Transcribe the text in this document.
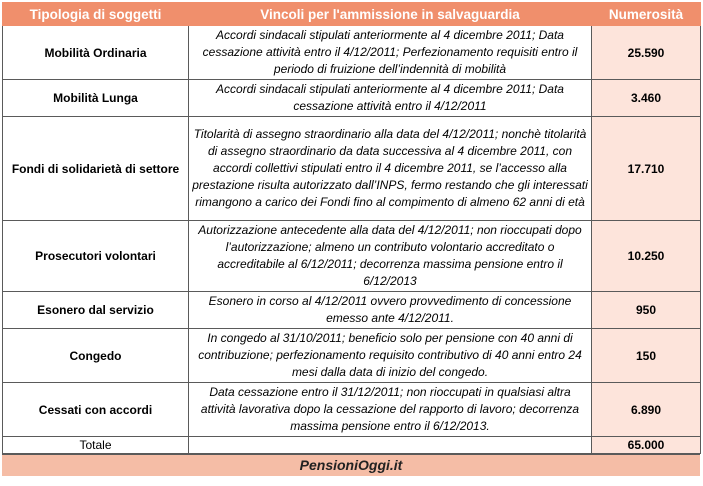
Tipologia di soggetti	Vincoli per l'ammissione in salvaguardia	Numerosità
Mobilità Ordinaria	Accordi sindacali stipulati anteriormente al 4 dicembre 2011; Data cessazione attività entro il 4/12/2011; Perfezionamento requisiti entro il periodo di fruizione dell’indennità di mobilità	25.590
Mobilità Lunga	Accordi sindacali stipulati anteriormente al 4 dicembre 2011; Data cessazione attività entro il 4/12/2011	3.460
Fondi di solidarietà di settore	Titolarità di assegno straordinario alla data del 4/12/2011; nonchè titolarità di assegno straordinario da data successiva al 4 dicembre 2011, con accordi collettivi stipulati entro il 4 dicembre 2011, se l’accesso alla prestazione risulta autorizzato dall’INPS, fermo restando che gli interessati rimangono a carico dei Fondi fino al compimento di almeno 62 anni di età	17.710
Prosecutori volontari	Autorizzazione antecedente alla data del 4/12/2011; non rioccupati dopo l’autorizzazione; almeno un contributo volontario accreditato o accreditabile al 6/12/2011; decorrenza massima pensione entro il 6/12/2013	10.250
Esonero dal servizio	Esonero in corso al 4/12/2011 ovvero provvedimento di concessione emesso ante 4/12/2011.	950
Congedo	In congedo al 31/10/2011; beneficio solo per pensione con 40 anni di contribuzione; perfezionamento requisito contributivo di 40 anni entro 24 mesi dalla data di inizio del congedo.	150
Cessati con accordi	Data cessazione entro il 31/12/2011; non rioccupati in qualsiasi altra attività lavorativa dopo la cessazione del rapporto di lavoro; decorrenza massima pensione entro il 6/12/2013.	6.890
Totale		65.000
PensioniOggi.it
